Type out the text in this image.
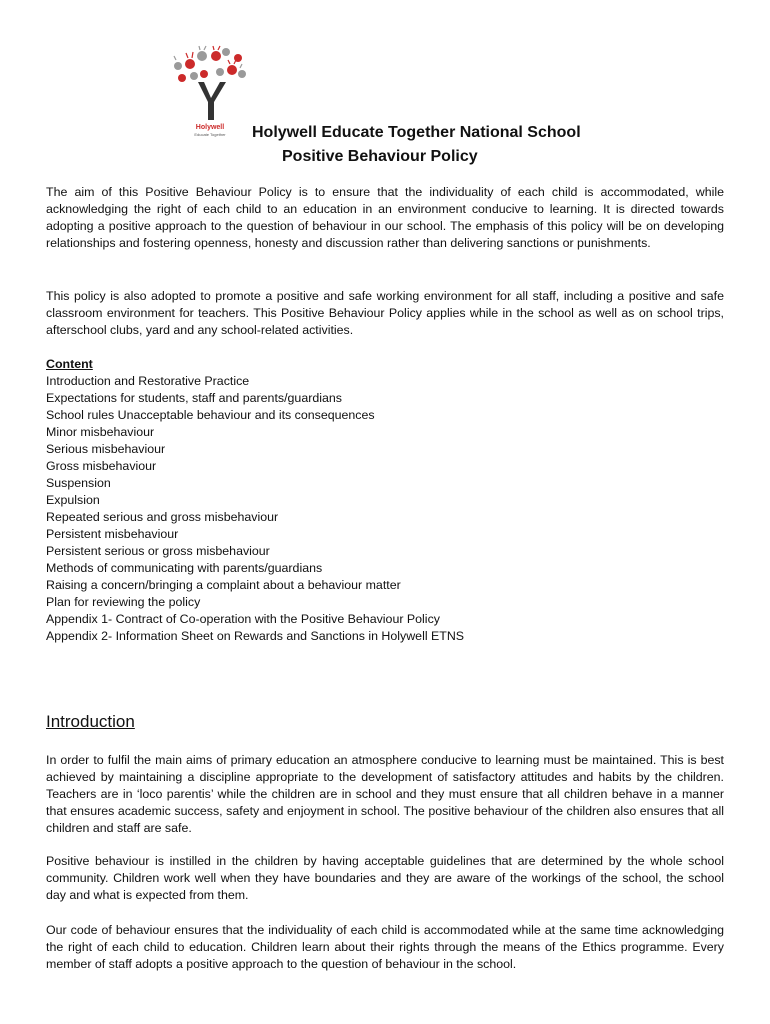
Holywell
Educate Together Holywell Educate Together National School
Positive Behaviour Policy

The aim of this Positive Behaviour Policy is to ensure that the individuality of each child is accommodated, while acknowledging the right of each child to an education in an environment conducive to learning. It is directed towards adopting a positive approach to the question of behaviour in our school. The emphasis of this policy will be on developing relationships and fostering openness, honesty and discussion rather than delivering sanctions or punishments.

This policy is also adopted to promote a positive and safe working environment for all staff, including a positive and safe classroom environment for teachers. This Positive Behaviour Policy applies while in the school as well as on school trips, afterschool clubs, yard and any school-related activities.

Content
Introduction and Restorative Practice
Expectations for students, staff and parents/guardians
School rules Unacceptable behaviour and its consequences
Minor misbehaviour
Serious misbehaviour
Gross misbehaviour
Suspension
Expulsion
Repeated serious and gross misbehaviour
Persistent misbehaviour
Persistent serious or gross misbehaviour
Methods of communicating with parents/guardians
Raising a concern/bringing a complaint about a behaviour matter
Plan for reviewing the policy
Appendix 1- Contract of Co-operation with the Positive Behaviour Policy
Appendix 2- Information Sheet on Rewards and Sanctions in Holywell ETNS
Introduction

In order to fulfil the main aims of primary education an atmosphere conducive to learning must be maintained. This is best achieved by maintaining a discipline appropriate to the development of satisfactory attitudes and habits by the children. Teachers are in ‘loco parentis’ while the children are in school and they must ensure that all children behave in a manner that ensures academic success, safety and enjoyment in school. The positive behaviour of the children also ensures that all children and staff are safe.

Positive behaviour is instilled in the children by having acceptable guidelines that are determined by the whole school community. Children work well when they have boundaries and they are aware of the workings of the school, the school day and what is expected from them.

Our code of behaviour ensures that the individuality of each child is accommodated while at the same time acknowledging the right of each child to education. Children learn about their rights through the means of the Ethics programme. Every member of staff adopts a positive approach to the question of behaviour in the school.
